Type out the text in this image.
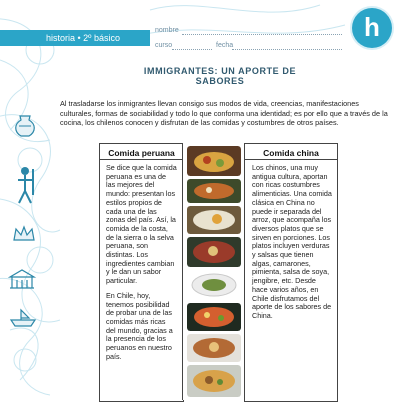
historia • 2º básico
nombre
curso	fecha
h
IMMIGRANTES: UN APORTE DE SABORES
Al trasladarse los inmigrantes llevan consigo sus modos de vida, creencias, manifestaciones culturales, formas de sociabilidad y todo lo que conforma una identidad; es por ello que a través de la cocina, los chilenos conocen y disfrutan de las comidas y costumbres de otros países.
Comida peruana

Se dice que la comida peruana es una de las mejores del mundo: presentan los estilos propios de cada una de las zonas del país. Así, la comida de la costa, de la sierra o la selva peruana, son distintas. Los ingredientes cambian y le dan un sabor particular.

En Chile, hoy, tenemos posibilidad de probar una de las comidas más ricas del mundo, gracias a la presencia de los peruanos en nuestro país.

Comida china

Los chinos, una muy antigua cultura, aportan con ricas costumbres alimenticias. Una comida clásica en China no puede ir separada del arroz, que acompaña los diversos platos que se sirven en porciones. Los platos incluyen verduras y salsas que tienen algas, camarones, pimienta, salsa de soya, jengibre, etc. Desde hace varios años, en Chile disfrutamos del aporte de los sabores de China.
